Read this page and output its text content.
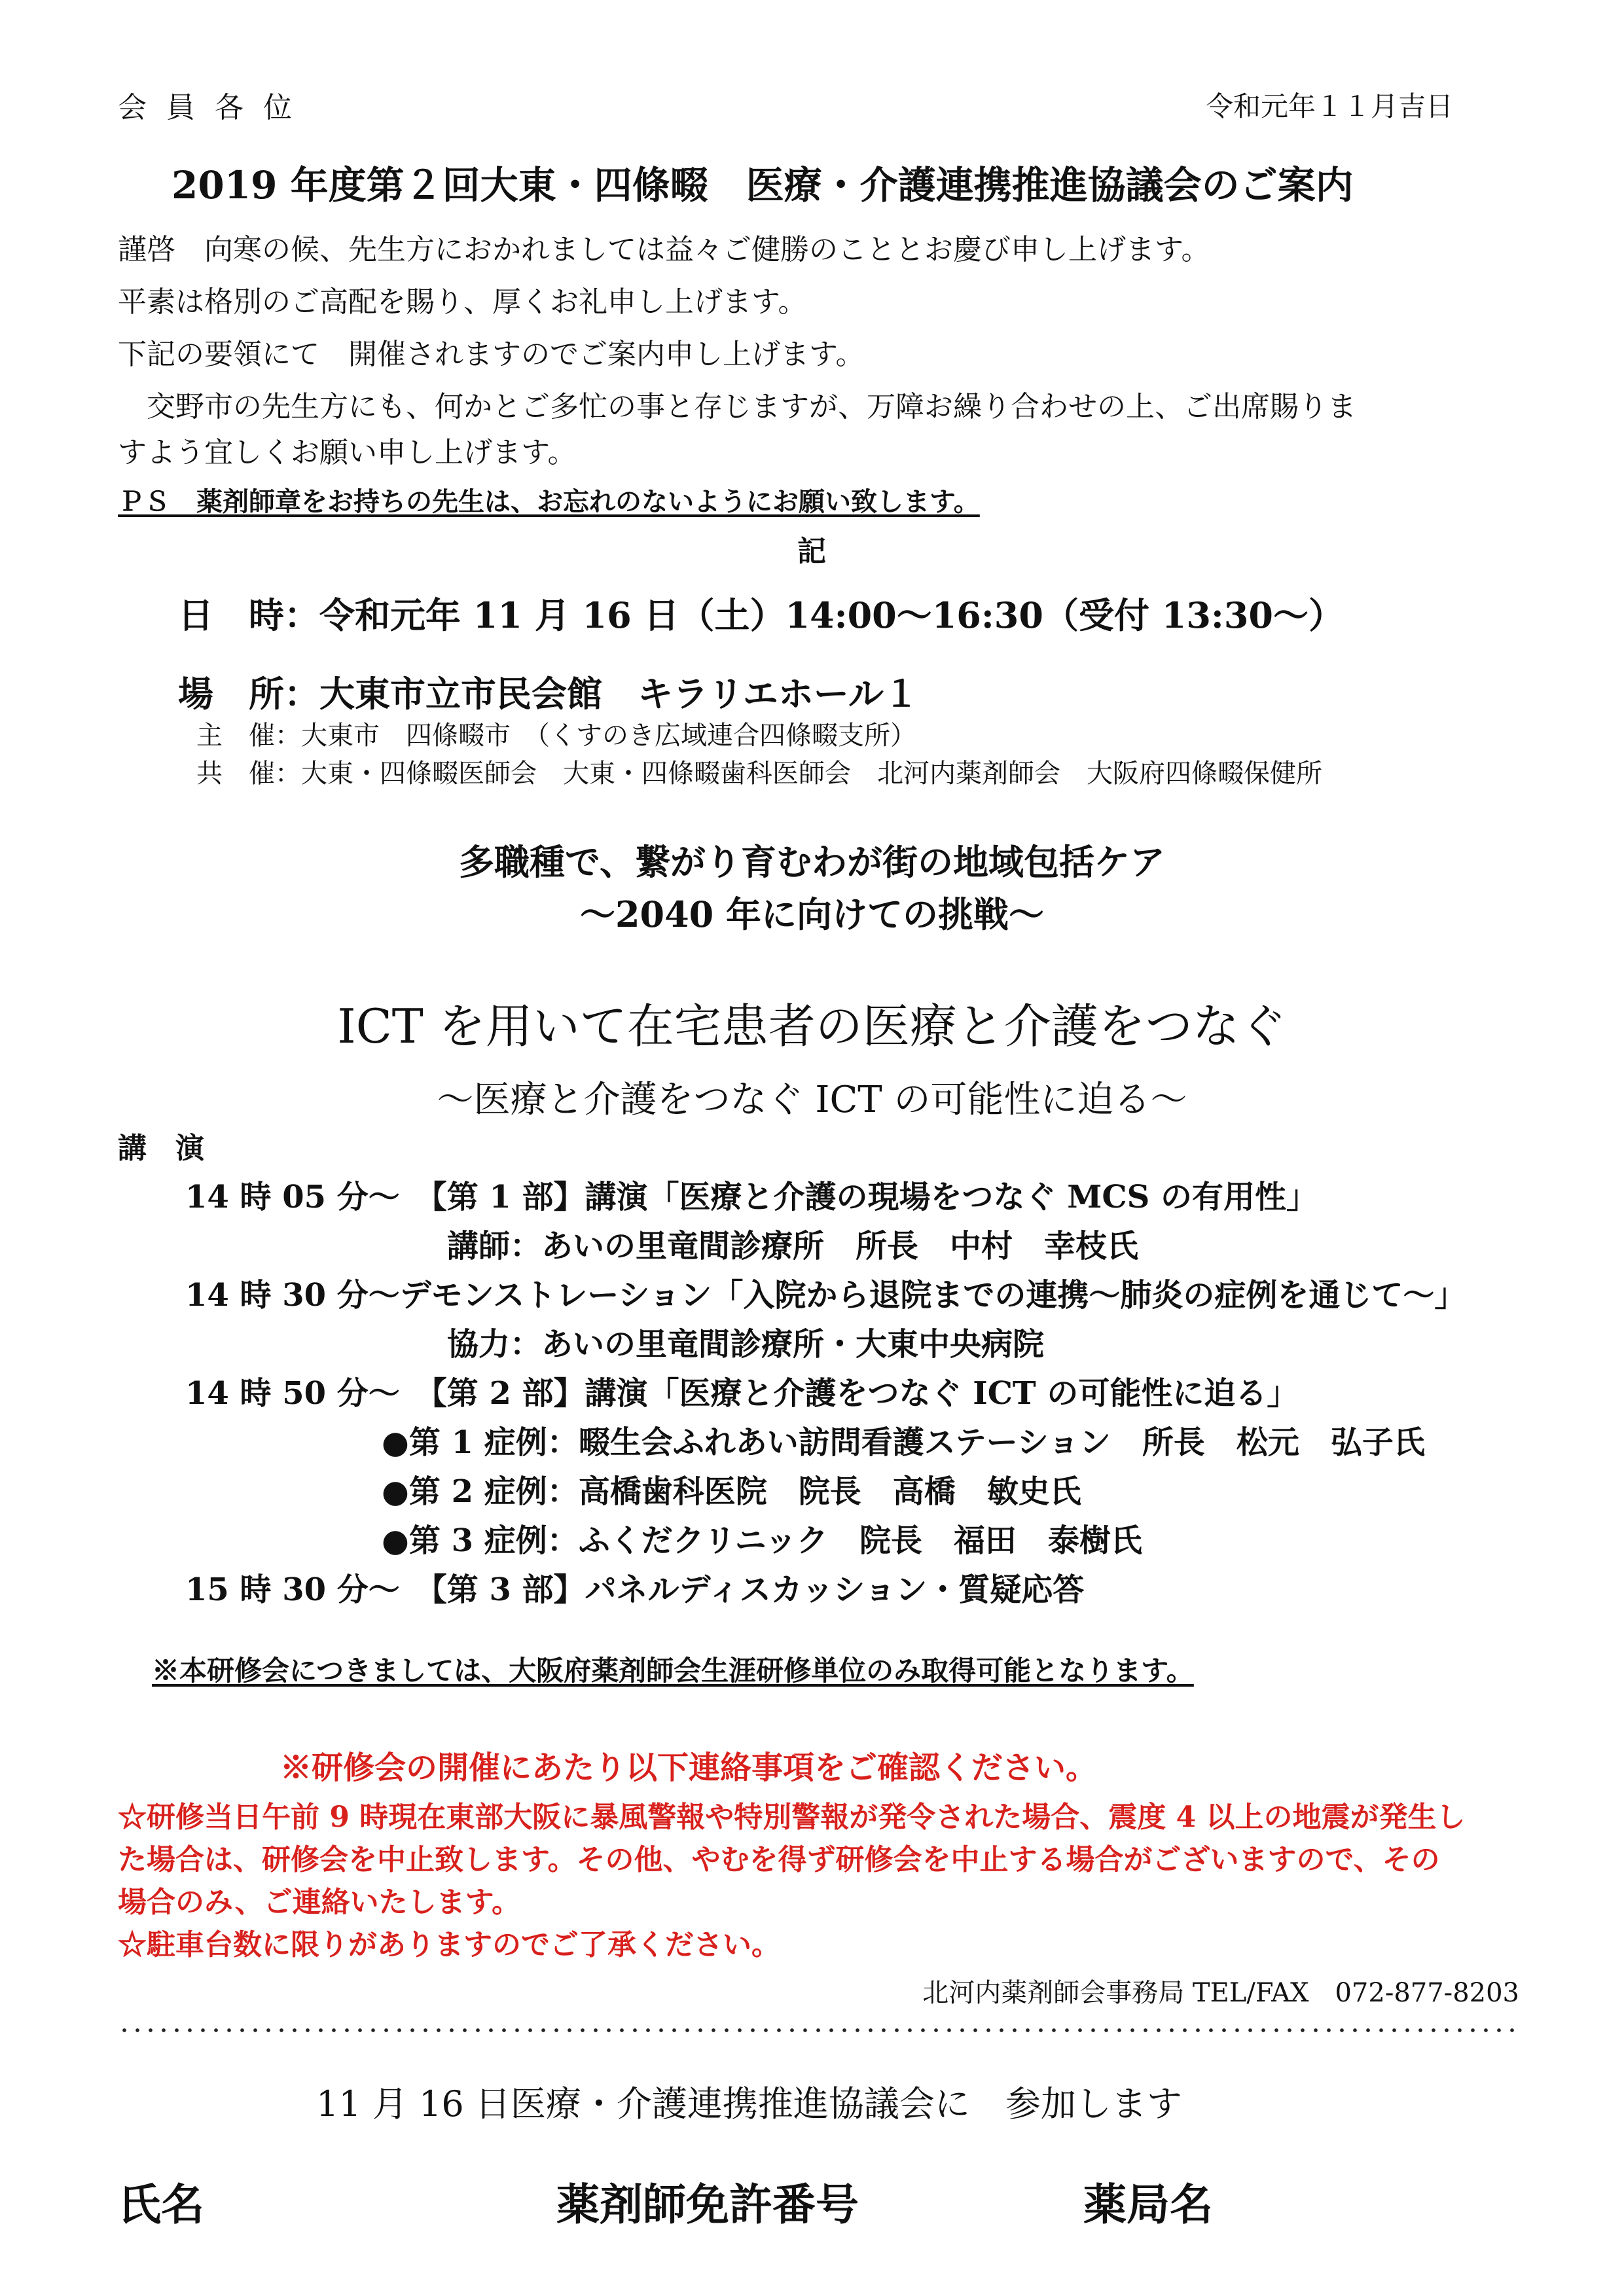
会 員 各 位	令和元年１１月吉日
2019 年度第２回大東・四條畷　医療・介護連携推進協議会のご案内
謹啓　向寒の候、先生方におかれましては益々ご健勝のこととお慶び申し上げます。
平素は格別のご高配を賜り、厚くお礼申し上げます。
下記の要領にて　開催されますのでご案内申し上げます。
　交野市の先生方にも、何かとご多忙の事と存じますが、万障お繰り合わせの上、ご出席賜りま
すよう宜しくお願い申し上げます。
ＰＳ　薬剤師章をお持ちの先生は、お忘れのないようにお願い致します。
記
日　時：令和元年 11 月 16 日（土）14:00～16:30（受付 13:30～）
場　所：大東市立市民会館　キラリエホール１
主　催：大東市　四條畷市　（くすのき広域連合四條畷支所）
共　催：大東・四條畷医師会　大東・四條畷歯科医師会　北河内薬剤師会　大阪府四條畷保健所
多職種で、繋がり育むわが街の地域包括ケア
～2040 年に向けての挑戦～
ICT を用いて在宅患者の医療と介護をつなぐ
～医療と介護をつなぐ ICT の可能性に迫る～
講　演
14 時 05 分～　【第 1 部】講演「医療と介護の現場をつなぐ MCS の有用性」
講師：あいの里竜間診療所　所長　中村　幸枝氏
14 時 30 分～デモンストレーション「入院から退院までの連携～肺炎の症例を通じて～」
協力：あいの里竜間診療所・大東中央病院
14 時 50 分～　【第 2 部】講演「医療と介護をつなぐ ICT の可能性に迫る」
●第 1 症例：畷生会ふれあい訪問看護ステーション　所長　松元　弘子氏
●第 2 症例：高橋歯科医院　院長　高橋　敏史氏
●第 3 症例：ふくだクリニック　院長　福田　泰樹氏
15 時 30 分～　【第 3 部】パネルディスカッション・質疑応答
※本研修会につきましては、大阪府薬剤師会生涯研修単位のみ取得可能となります。
※研修会の開催にあたり以下連絡事項をご確認ください。
☆研修当日午前 9 時現在東部大阪に暴風警報や特別警報が発令された場合、震度 4 以上の地震が発生し
た場合は、研修会を中止致します。その他、やむを得ず研修会を中止する場合がございますので、その
場合のみ、ご連絡いたします。
☆駐車台数に限りがありますのでご了承ください。
北河内薬剤師会事務局 TEL/FAX　072-877-8203
11 月 16 日医療・介護連携推進協議会に　参加します
氏名	薬剤師免許番号	薬局名
